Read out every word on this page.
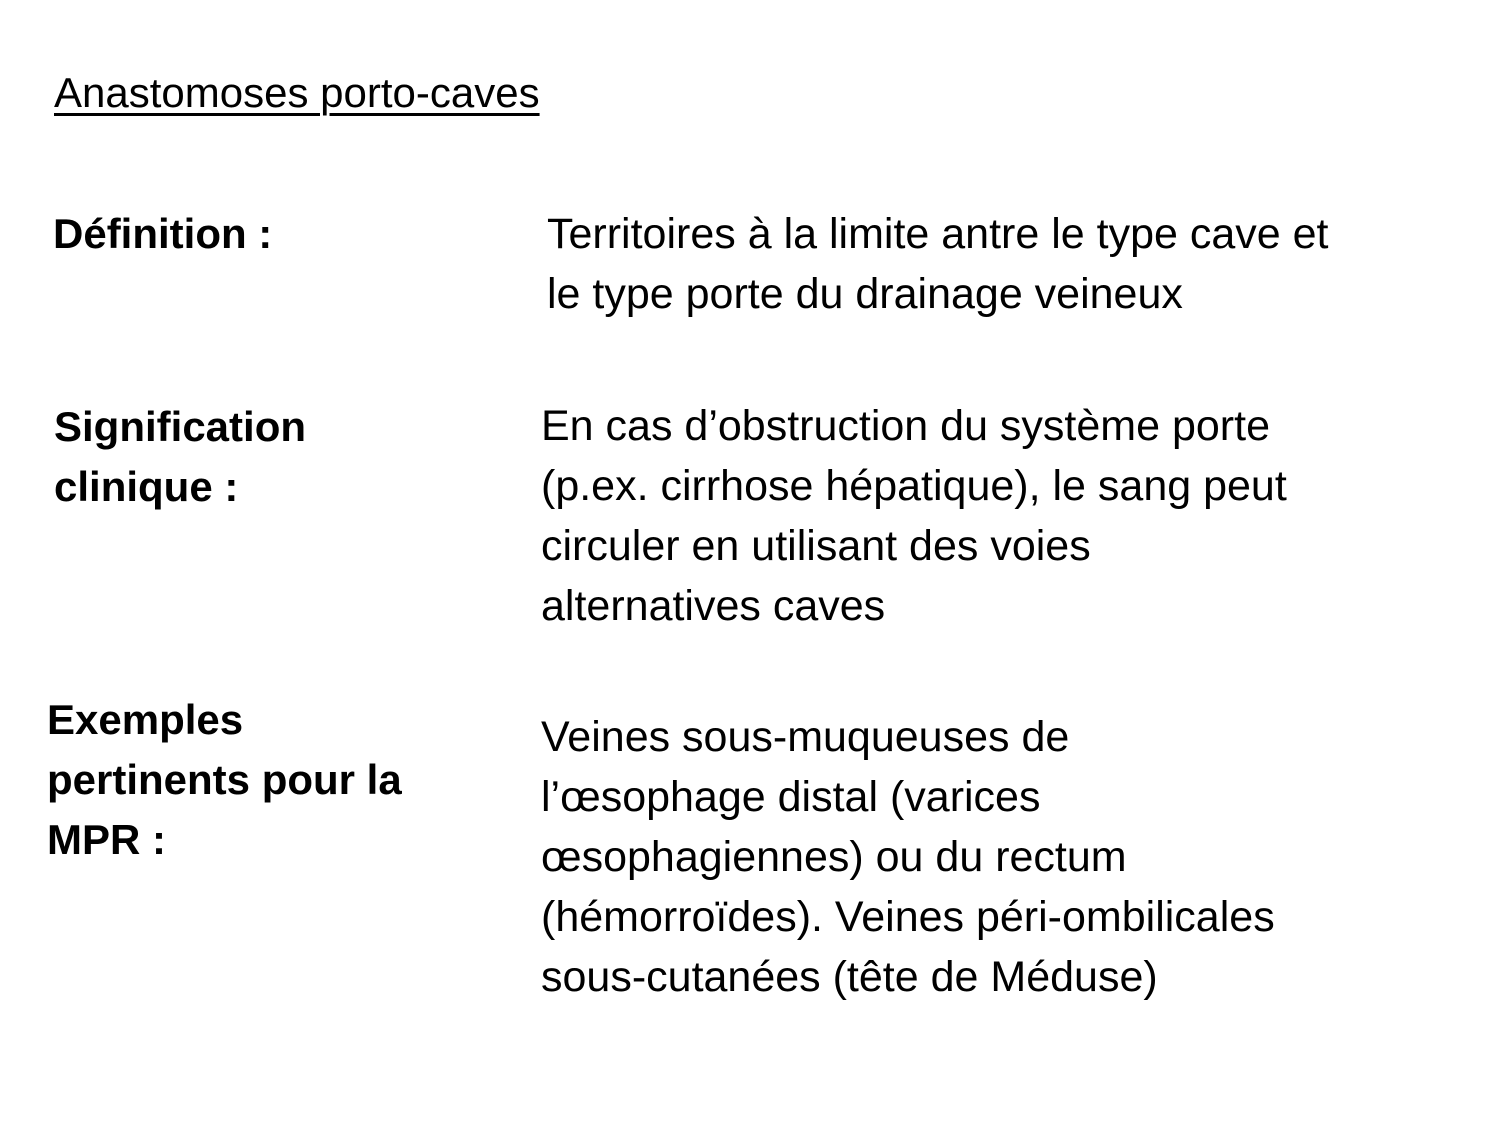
Anastomoses porto-caves
Définition :	Territoires à la limite antre le type cave et
le type porte du drainage veineux
Signification
clinique :
En cas d’obstruction du système porte
(p.ex. cirrhose hépatique), le sang peut
circuler en utilisant des voies
alternatives caves
Exemples
pertinents pour la
MPR :
Veines sous-muqueuses de
l’œsophage distal (varices
œsophagiennes) ou du rectum
(hémorroïdes). Veines péri-ombilicales
sous-cutanées (tête de Méduse)
